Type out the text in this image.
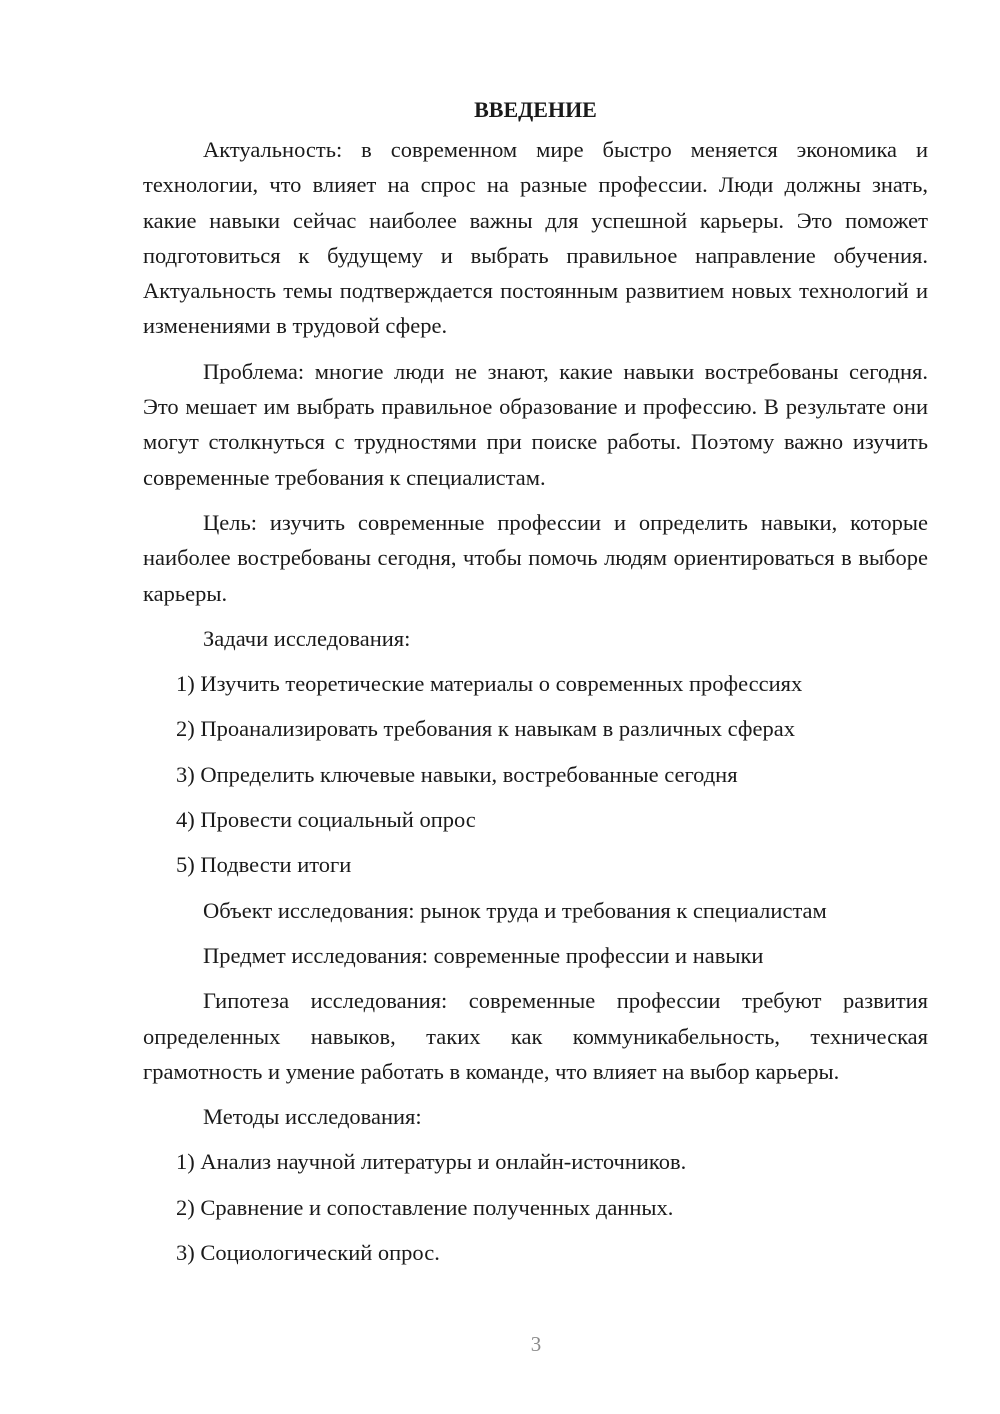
ВВЕДЕНИЕ

Актуальность: в современном мире быстро меняется экономика и технологии, что влияет на спрос на разные профессии. Люди должны знать, какие навыки сейчас наиболее важны для успешной карьеры. Это поможет подготовиться к будущему и выбрать правильное направление обучения. Актуальность темы подтверждается постоянным развитием новых технологий и изменениями в трудовой сфере.

Проблема: многие люди не знают, какие навыки востребованы сегодня. Это мешает им выбрать правильное образование и профессию. В результате они могут столкнуться с трудностями при поиске работы. Поэтому важно изучить современные требования к специалистам.

Цель: изучить современные профессии и определить навыки, которые наиболее востребованы сегодня, чтобы помочь людям ориентироваться в выборе карьеры.

Задачи исследования:
1) Изучить теоретические материалы о современных профессиях
2) Проанализировать требования к навыкам в различных сферах
3) Определить ключевые навыки, востребованные сегодня
4) Провести социальный опрос
5) Подвести итоги
Объект исследования: рынок труда и требования к специалистам
Предмет исследования: современные профессии и навыки

Гипотеза исследования: современные профессии требуют развития определенных навыков, таких как коммуникабельность, техническая грамотность и умение работать в команде, что влияет на выбор карьеры.

Методы исследования:
1) Анализ научной литературы и онлайн-источников.
2) Сравнение и сопоставление полученных данных.
3) Социологический опрос.
3
